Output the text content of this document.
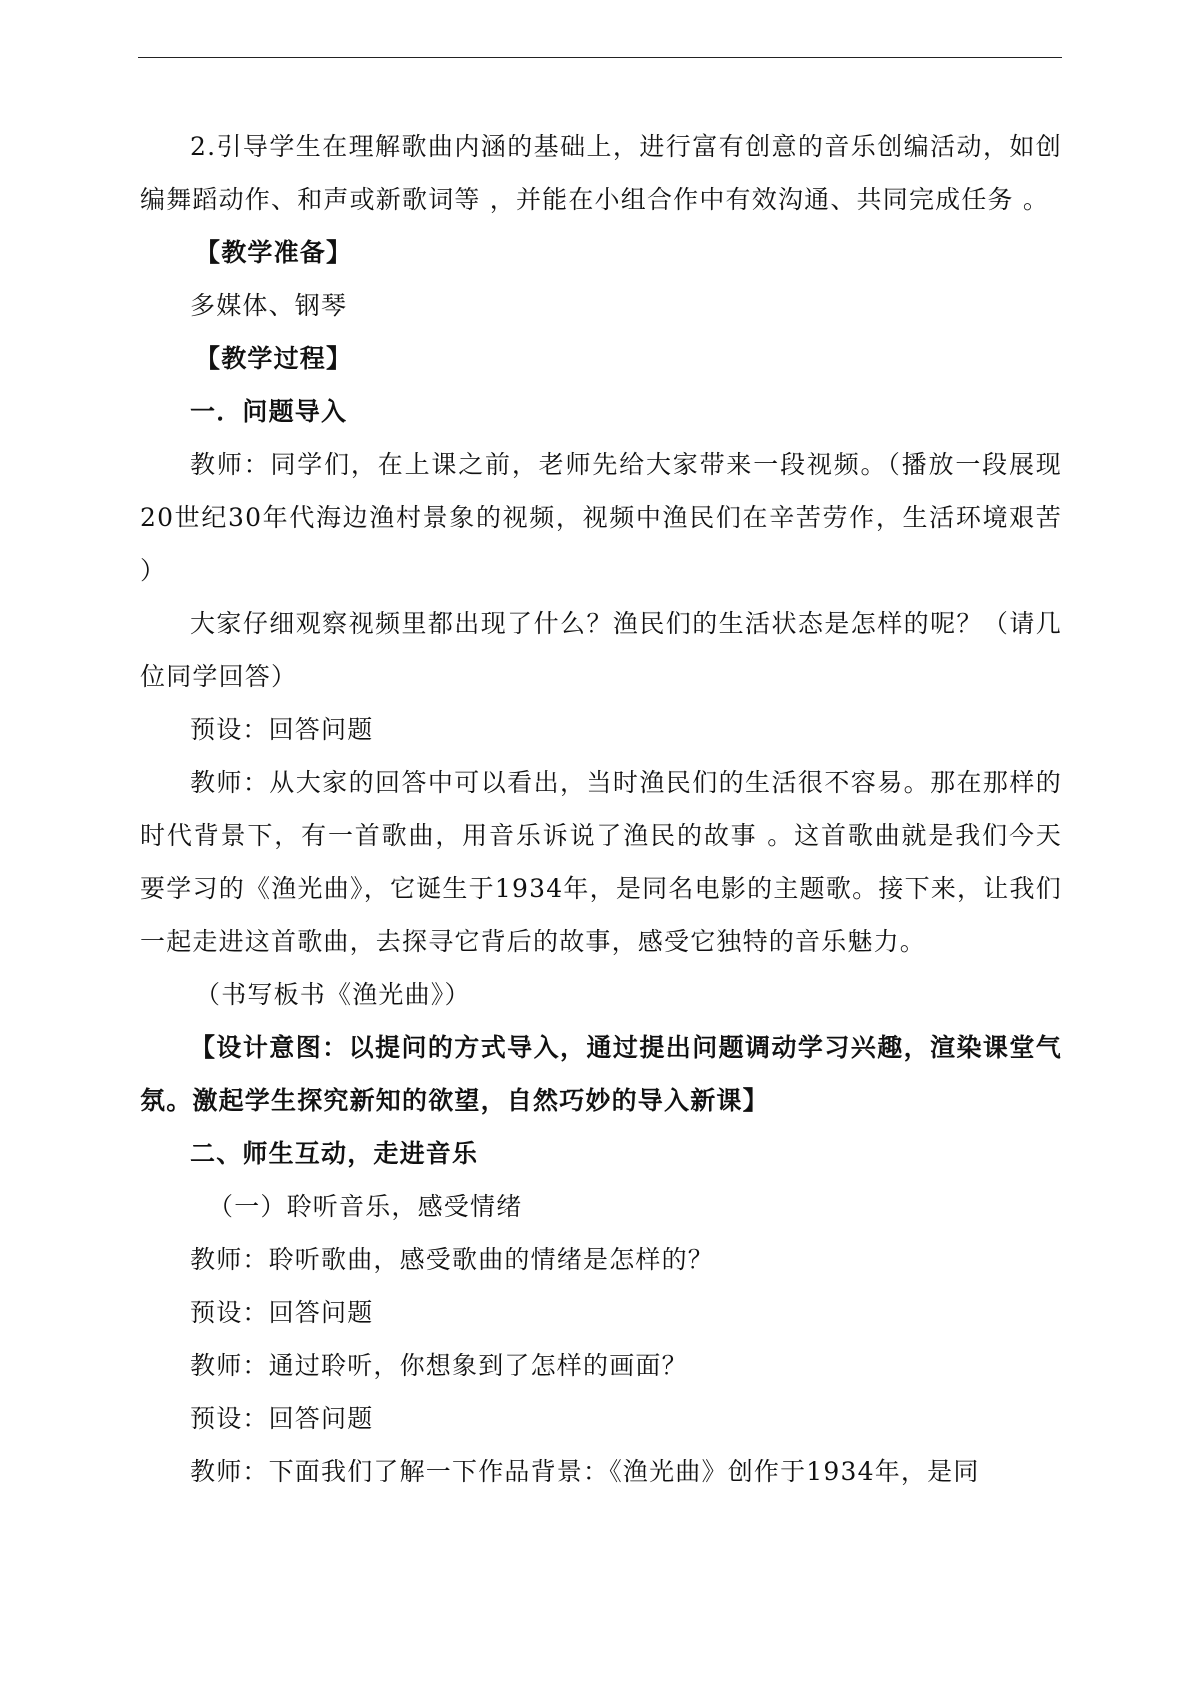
2.引导学生在理解歌曲内涵的基础上，进行富有创意的音乐创编活动，如创编舞蹈动作、和声或新歌词等 ，并能在小组合作中有效沟通、共同完成任务 。

【教学准备】

多媒体、钢琴

【教学过程】

一．问题导入

教师：同学们，在上课之前，老师先给大家带来一段视频。（播放一段展现20世纪30年代海边渔村景象的视频，视频中渔民们在辛苦劳作，生活环境艰苦 ）

大家仔细观察视频里都出现了什么？渔民们的生活状态是怎样的呢？（请几位同学回答）

预设：回答问题

教师：从大家的回答中可以看出，当时渔民们的生活很不容易。那在那样的时代背景下，有一首歌曲，用音乐诉说了渔民的故事 。这首歌曲就是我们今天要学习的《渔光曲》，它诞生于1934年，是同名电影的主题歌。接下来，让我们一起走进这首歌曲，去探寻它背后的故事，感受它独特的音乐魅力。

（书写板书《渔光曲》）

【设计意图：以提问的方式导入，通过提出问题调动学习兴趣，渲染课堂气氛。激起学生探究新知的欲望，自然巧妙的导入新课】

二、师生互动，走进音乐

（一）聆听音乐，感受情绪

教师：聆听歌曲，感受歌曲的情绪是怎样的？

预设：回答问题

教师：通过聆听，你想象到了怎样的画面？

预设：回答问题

教师：下面我们了解一下作品背景：《渔光曲》创作于1934年，是同
